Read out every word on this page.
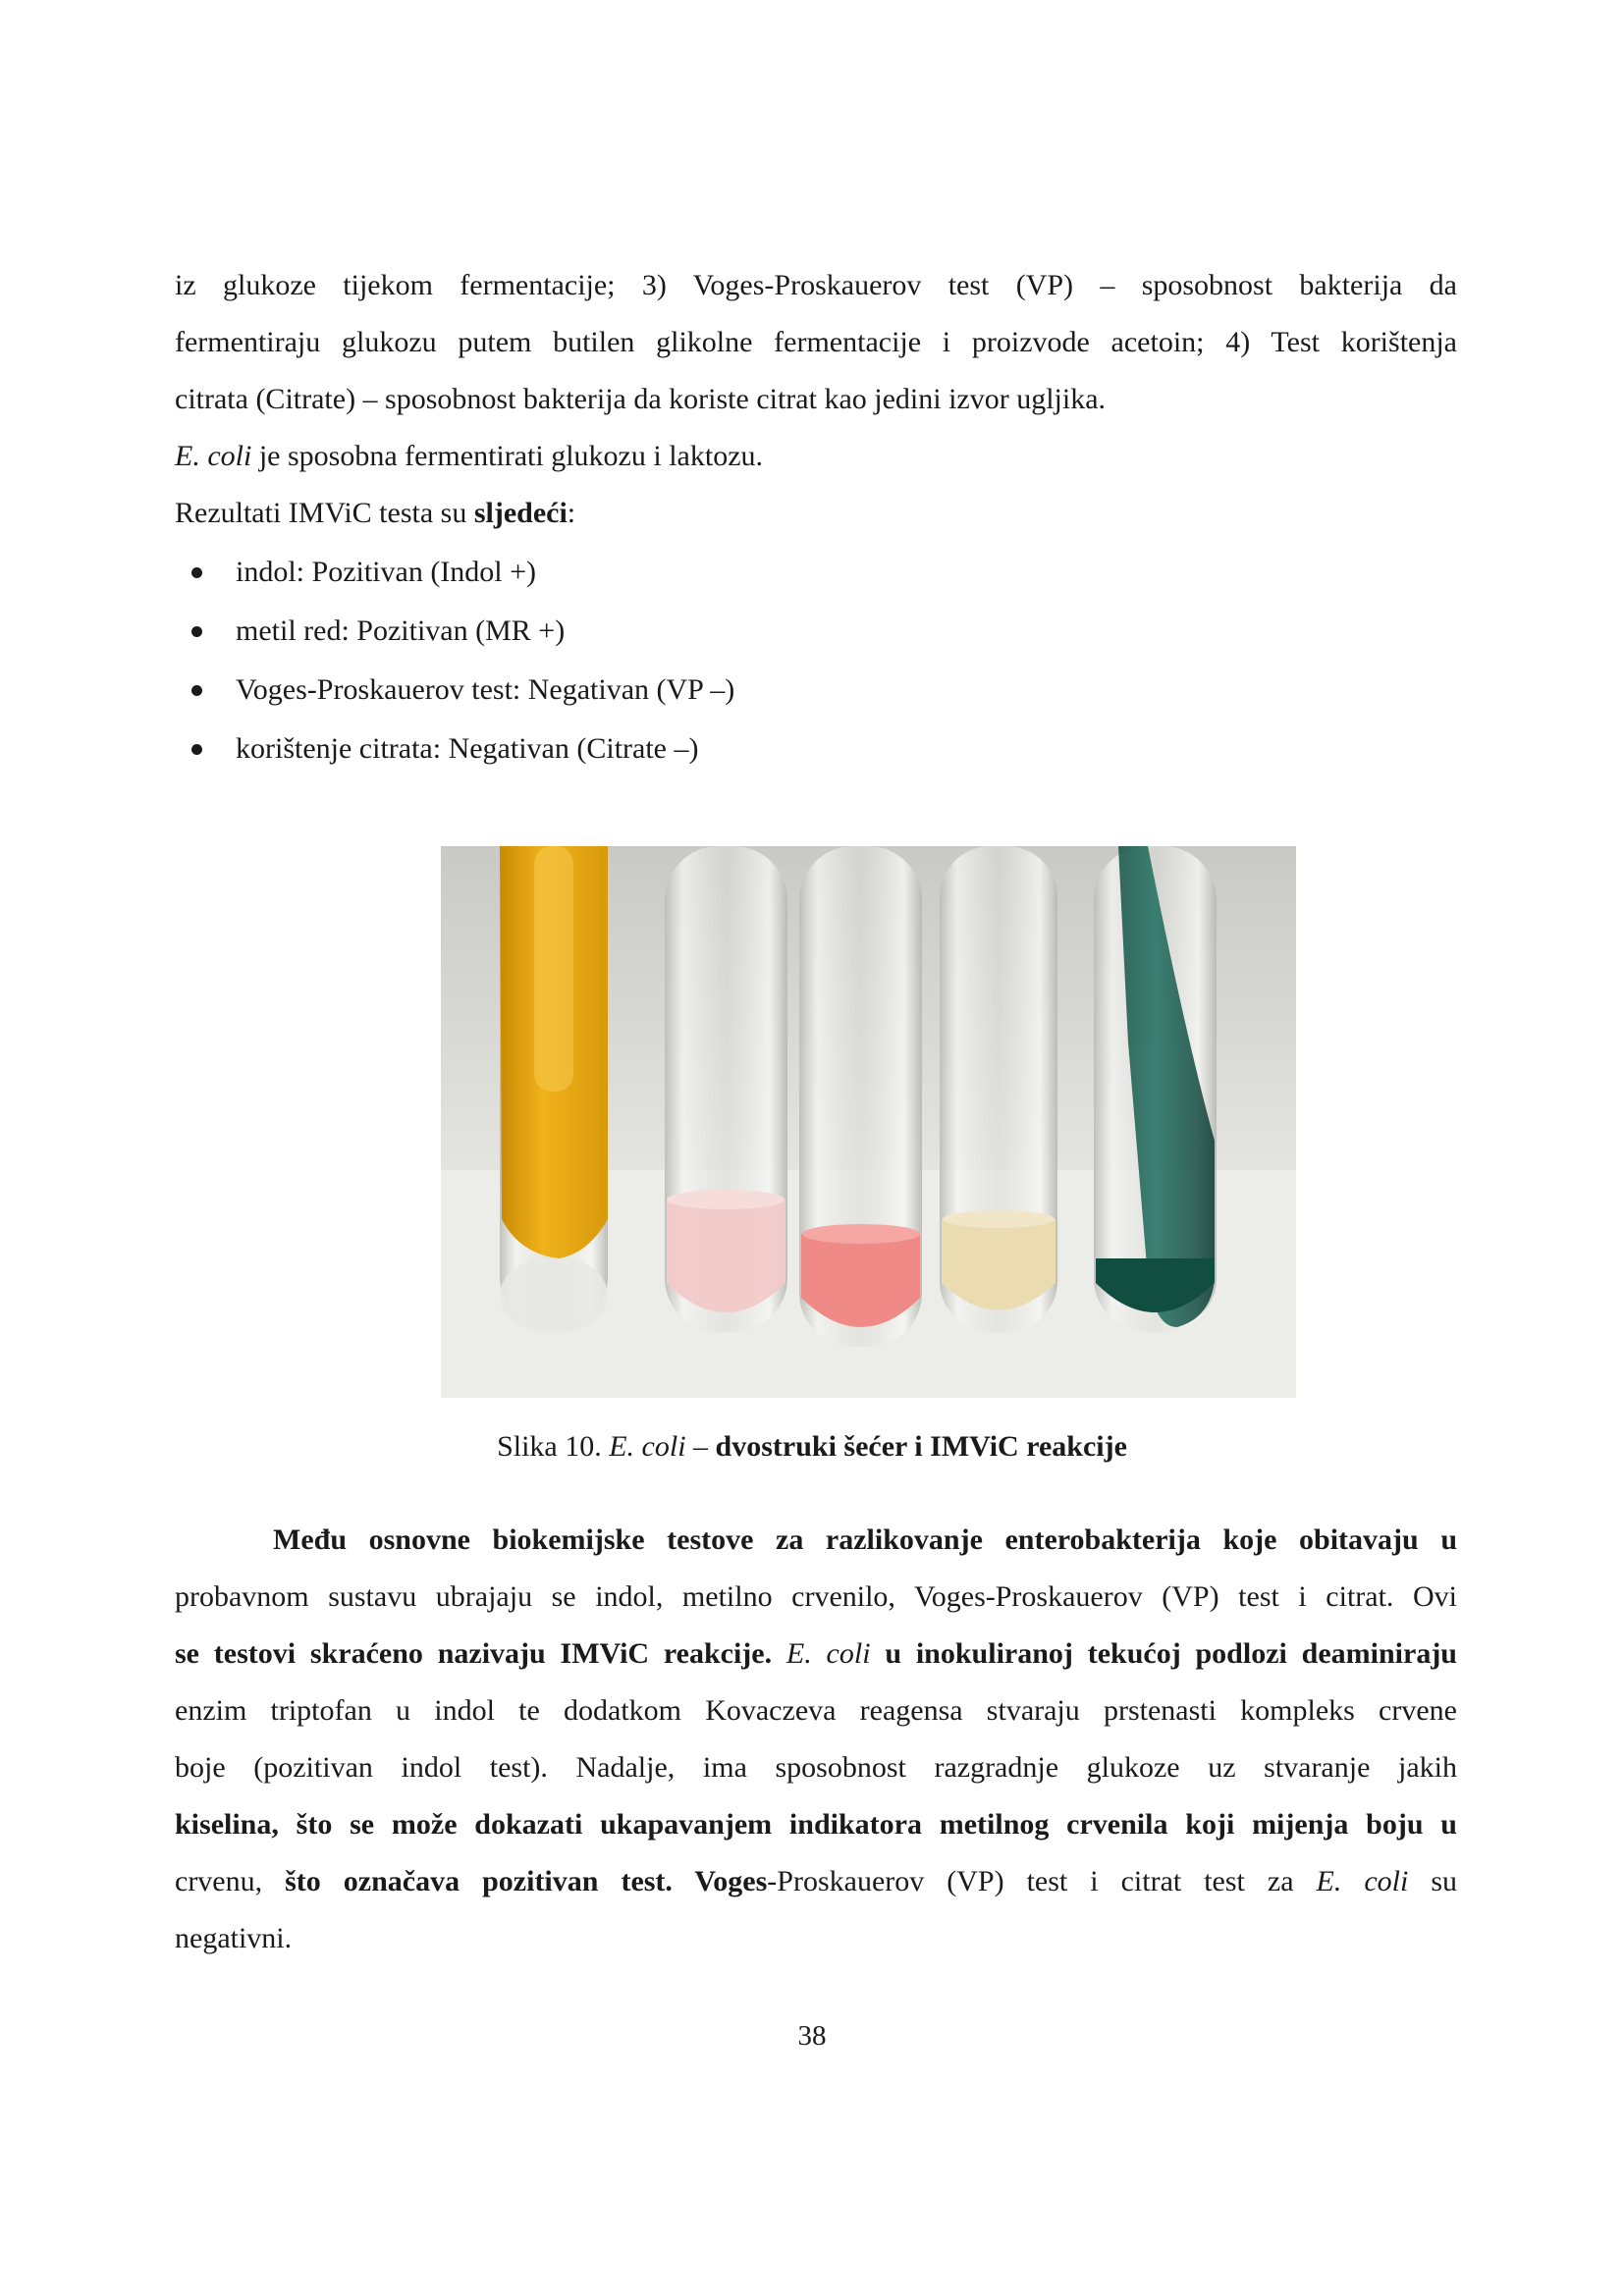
iz glukoze tijekom fermentacije; 3) Voges-Proskauerov test (VP) – sposobnost bakterija da
fermentiraju glukozu putem butilen glikolne fermentacije i proizvode acetoin; 4) Test korištenja
citrata (Citrate) – sposobnost bakterija da koriste citrat kao jedini izvor ugljika.
E. coli je sposobna fermentirati glukozu i laktozu.
Rezultati IMViC testa su sljedeći:
indol: Pozitivan (Indol +)
metil red: Pozitivan (MR +)
Voges-Proskauerov test: Negativan (VP –)
korištenje citrata: Negativan (Citrate –)
Slika 10. E. coli – dvostruki šećer i IMViC reakcije
Među osnovne biokemijske testove za razlikovanje enterobakterija koje obitavaju u
probavnom sustavu ubrajaju se indol, metilno crvenilo, Voges-Proskauerov (VP) test i citrat. Ovi
se testovi skraćeno nazivaju IMViC reakcije. E. coli u inokuliranoj tekućoj podlozi deaminiraju
enzim triptofan u indol te dodatkom Kovaczeva reagensa stvaraju prstenasti kompleks crvene
boje (pozitivan indol test). Nadalje, ima sposobnost razgradnje glukoze uz stvaranje jakih
kiselina, što se može dokazati ukapavanjem indikatora metilnog crvenila koji mijenja boju u
crvenu, što označava pozitivan test. Voges-Proskauerov (VP) test i citrat test za E. coli su
negativni.
38
